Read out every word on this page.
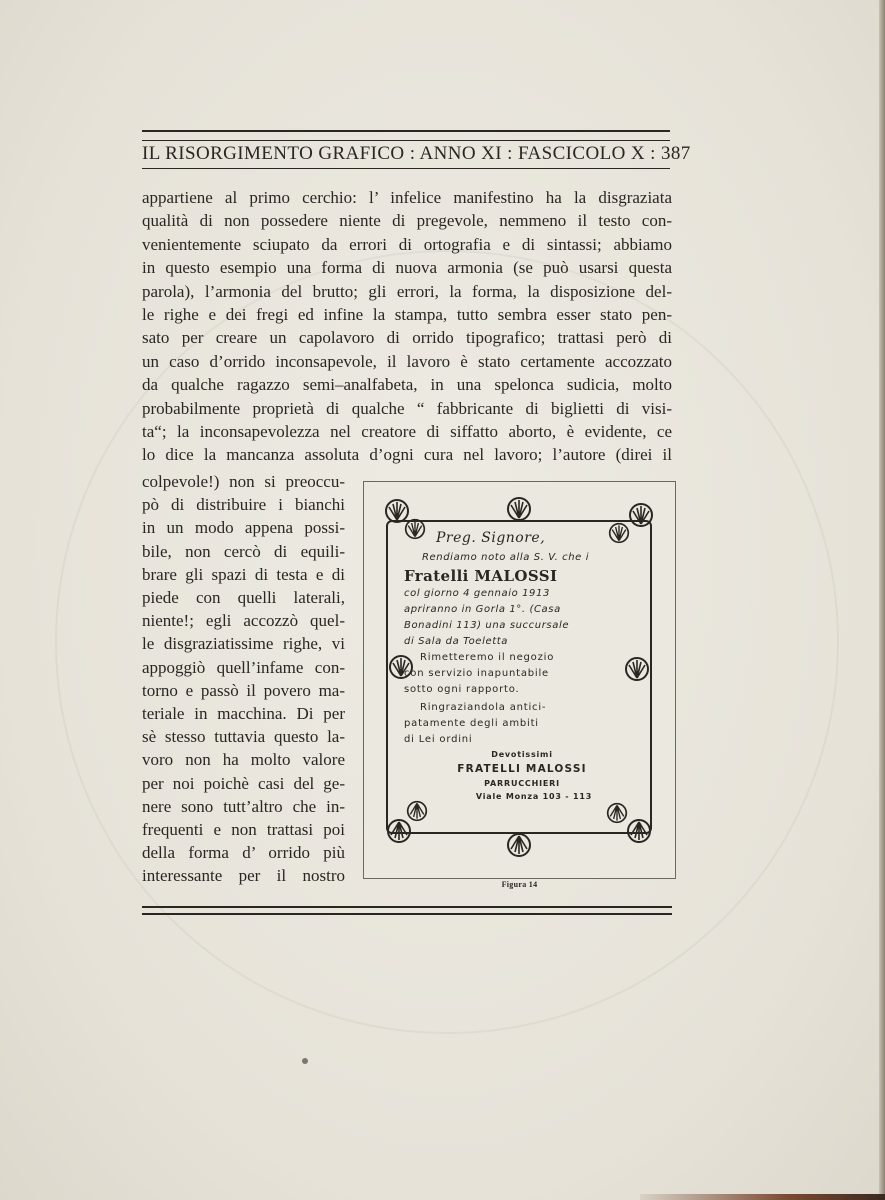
IL RISORGIMENTO GRAFICO : ANNO XI : FASCICOLO X : 387
appartiene al primo cerchio: l’ infelice manifestino ha la disgraziata
qualità di non possedere niente di pregevole, nemmeno il testo con-
venientemente sciupato da errori di ortografia e di sintassi; abbiamo
in questo esempio una forma di nuova armonia (se può usarsi questa
parola), l’armonia del brutto; gli errori, la forma, la disposizione del-
le righe e dei fregi ed infine la stampa, tutto sembra esser stato pen-
sato per creare un capolavoro di orrido tipografico; trattasi però di
un caso d’orrido inconsapevole, il lavoro è stato certamente accozzato
da qualche ragazzo semi–analfabeta, in una spelonca sudicia, molto
probabilmente proprietà di qualche “ fabbricante di biglietti di visi-
ta“; la inconsapevolezza nel creatore di siffatto aborto, è evidente, ce
lo dice la mancanza assoluta d’ogni cura nel lavoro; l’autore (direi il
colpevole!) non si preoccu-
pò di distribuire i bianchi
in un modo appena possi-
bile, non cercò di equili-
brare gli spazi di testa e di
piede con quelli laterali,
niente!; egli accozzò quel-
le disgraziatissime righe, vi
appoggiò quell’infame con-
torno e passò il povero ma-
teriale in macchina. Di per
sè stesso tuttavia questo la-
voro non ha molto valore
per noi poichè casi del ge-
nere sono tutt’altro che in-
frequenti e non trattasi poi
della forma d’ orrido più
interessante per il nostro
Preg. Signore,
Rendiamo noto alla S. V. che i
Fratelli MALOSSI
col giorno 4 gennaio 1913
apriranno in Gorla 1°. (Casa
Bonadini 113) una succursale
di Sala da Toeletta
Rimetteremo il negozio
con servizio inapuntabile
sotto ogni rapporto.
Ringraziandola antici-
patamente degli ambiti
di Lei ordini
Devotissimi
FRATELLI MALOSSI
PARRUCCHIERI
Viale Monza 103 - 113
Figura 14
